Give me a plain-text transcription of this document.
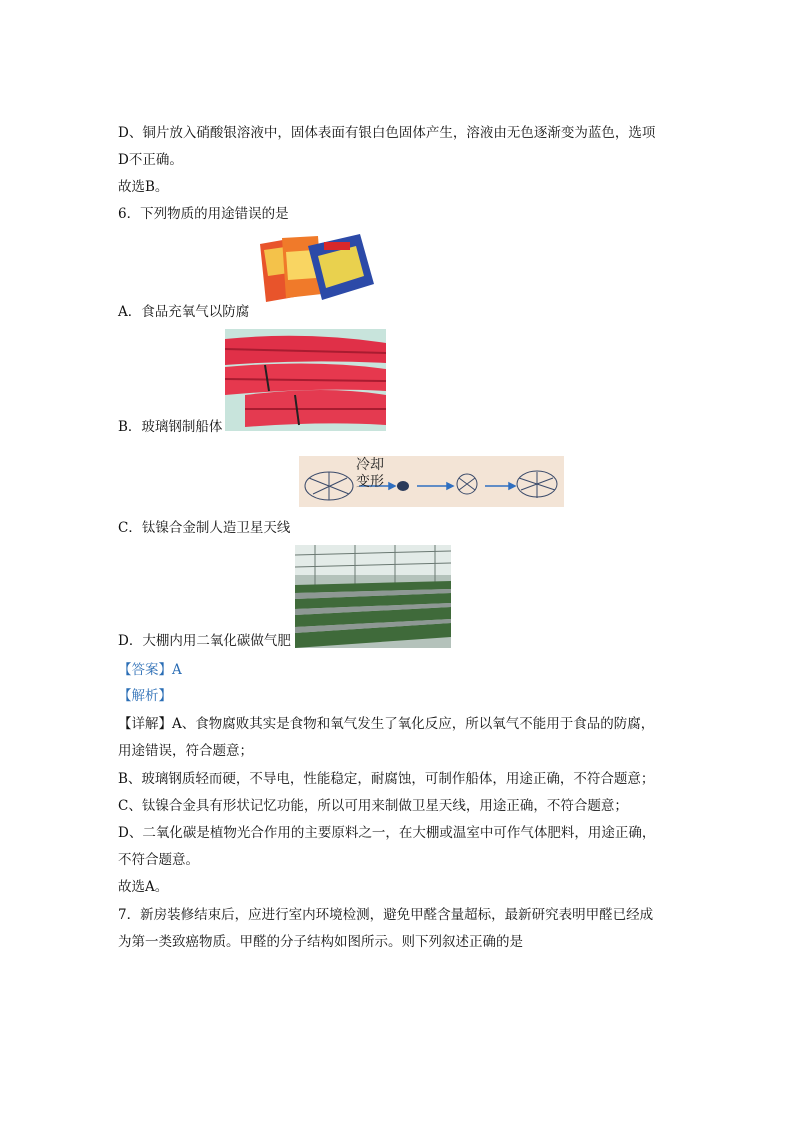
D、铜片放入硝酸银溶液中，固体表面有银白色固体产生，溶液由无色逐渐变为蓝色，选项
D不正确。
故选B。
6．下列物质的用途错误的是
A．食品充氧气以防腐
B．玻璃钢制船体
冷却
变形
C．钛镍合金制人造卫星天线
D．大棚内用二氧化碳做气肥
【答案】A
【解析】
【详解】A、食物腐败其实是食物和氧气发生了氧化反应，所以氧气不能用于食品的防腐，
用途错误，符合题意；
B、玻璃钢质轻而硬，不导电，性能稳定，耐腐蚀，可制作船体，用途正确，不符合题意；
C、钛镍合金具有形状记忆功能，所以可用来制做卫星天线，用途正确，不符合题意；
D、二氧化碳是植物光合作用的主要原料之一，在大棚或温室中可作气体肥料，用途正确，
不符合题意。
故选A。
7．新房装修结束后，应进行室内环境检测，避免甲醛含量超标，最新研究表明甲醛已经成
为第一类致癌物质。甲醛的分子结构如图所示。则下列叙述正确的是
